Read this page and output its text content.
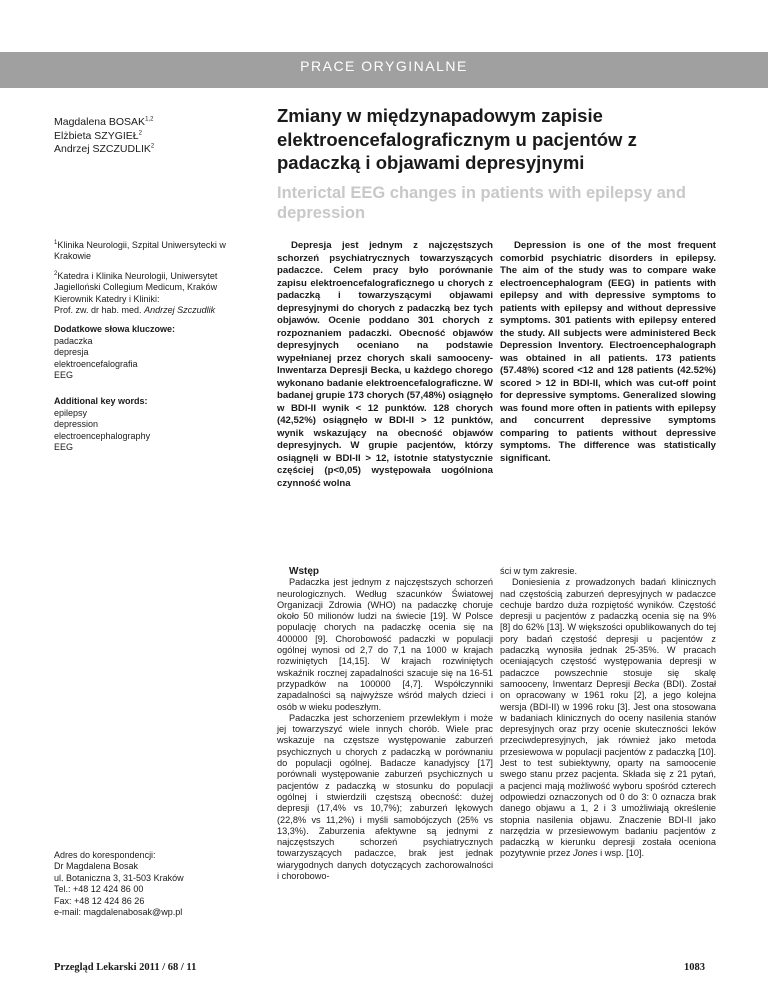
PRACE ORYGINALNE
Magdalena BOSAK$^{1,2}$
Elżbieta SZYGIEŁ$^2$
Andrzej SZCZUDLIK$^2$
Zmiany w międzynapadowym zapisie elektroencefalograficznym u pacjentów z padaczką i objawami depresyjnymi
Interictal EEG changes in patients with epilepsy and depression

$^1$Klinika Neurologii, Szpital Uniwersytecki w Krakowie

$^2$Katedra i Klinika Neurologii, Uniwersytet Jagielloński Collegium Medicum, Kraków
Kierownik Katedry i Kliniki:
Prof. zw. dr hab. med. Andrzej Szczudlik

Dodatkowe słowa kluczowe:
padaczka
depresja
elektroencefalografia
EEG
Additional key words:
epilepsy
depression
electroencephalography
EEG

Depresja jest jednym z najczęstszych schorzeń psychiatrycznych towarzyszących padaczce. Celem pracy było porównanie zapisu elektroencefalograficznego u chorych z padaczką i towarzyszącymi objawami depresyjnymi do chorych z padaczką bez tych objawów. Ocenie poddano 301 chorych z rozpoznaniem padaczki. Obecność objawów depresyjnych oceniano na podstawie wypełnianej przez chorych skali samooceny-Inwentarza Depresji Becka, u każdego chorego wykonano badanie elektroencefalograficzne. W badanej grupie 173 chorych (57,48%) osiągnęło w BDI-II wynik < 12 punktów. 128 chorych (42,52%) osiągnęło w BDI-II > 12 punktów, wynik wskazujący na obecność objawów depresyjnych. W grupie pacjentów, którzy osiągnęli w BDI-II > 12, istotnie statystycznie częściej (p<0,05) występowała uogólniona czynność wolna

Depression is one of the most frequent comorbid psychiatric disorders in epilepsy. The aim of the study was to compare wake electroencephalogram (EEG) in patients with epilepsy and with depressive symptoms to patients with epilepsy and without depressive symptoms. 301 patients with epilepsy entered the study. All subjects were administered Beck Depression Inventory. Electroencephalograph was obtained in all patients. 173 patients (57.48%) scored <12 and 128 patients (42.52%) scored > 12 in BDI-II, which was cut-off point for depressive symptoms. Generalized slowing was found more often in patients with epilepsy and concurrent depressive symptoms comparing to patients without depressive symptoms. The difference was statistically significant.

Adres do korespondencji:
Dr Magdalena Bosak
ul. Botaniczna 3, 31-503 Kraków
Tel.: +48 12 424 86 00
Fax: +48 12 424 86 26
e-mail: magdalenabosak@wp.pl

Wstęp

Padaczka jest jednym z najczęstszych schorzeń neurologicznych. Według szacunków Światowej Organizacji Zdrowia (WHO) na padaczkę choruje około 50 milionów ludzi na świecie [19]. W Polsce populację chorych na padaczkę ocenia się na 400000 [9]. Chorobowość padaczki w populacji ogólnej wynosi od 2,7 do 7,1 na 1000 w krajach rozwiniętych [14,15]. W krajach rozwiniętych wskaźnik rocznej zapadalności szacuje się na 16-51 przypadków na 100000 [4,7]. Współczynniki zapadalności są najwyższe wśród małych dzieci i osób w wieku podeszłym.

Padaczka jest schorzeniem przewlekłym i może jej towarzyszyć wiele innych chorób. Wiele prac wskazuje na częstsze występowanie zaburzeń psychicznych u chorych z padaczką w porównaniu do populacji ogólnej. Badacze kanadyjscy [17] porównali występowanie zaburzeń psychicznych u pacjentów z padaczką w stosunku do populacji ogólnej i stwierdzili częstszą obecność: dużej depresji (17,4% vs 10,7%); zaburzeń lękowych (22,8% vs 11,2%) i myśli samobójczych (25% vs 13,3%). Zaburzenia afektywne są jednymi z najczęstszych schorzeń psychiatrycznych towarzyszących padaczce, brak jest jednak wiarygodnych danych dotyczących zachorowalności i chorobowo-

ści w tym zakresie.

Doniesienia z prowadzonych badań klinicznych nad częstością zaburzeń depresyjnych w padaczce cechuje bardzo duża rozpiętość wyników. Częstość depresji u pacjentów z padaczką ocenia się na 9% [8] do 62% [13]. W większości opublikowanych do tej pory badań częstość depresji u pacjentów z padaczką wynosiła jednak 25-35%. W pracach oceniających częstość występowania depresji w padaczce powszechnie stosuje się skalę samooceny, Inwentarz Depresji Becka (BDI). Został on opracowany w 1961 roku [2], a jego kolejna wersja (BDI-II) w 1996 roku [3]. Jest ona stosowana w badaniach klinicznych do oceny nasilenia stanów depresyjnych oraz przy ocenie skuteczności leków przeciwdepresyjnych, jak również jako metoda przesiewowa w populacji pacjentów z padaczką [10]. Jest to test subiektywny, oparty na samoocenie swego stanu przez pacjenta. Składa się z 21 pytań, a pacjenci mają możliwość wyboru spośród czterech odpowiedzi oznaczonych od 0 do 3: 0 oznacza brak danego objawu a 1, 2 i 3 umożliwiają określenie stopnia nasilenia objawu. Znaczenie BDI-II jako narzędzia w przesiewowym badaniu pacjentów z padaczką w kierunku depresji została oceniona pozytywnie przez Jones i wsp. [10].

Przegląd Lekarski 2011 / 68 / 11	1083
